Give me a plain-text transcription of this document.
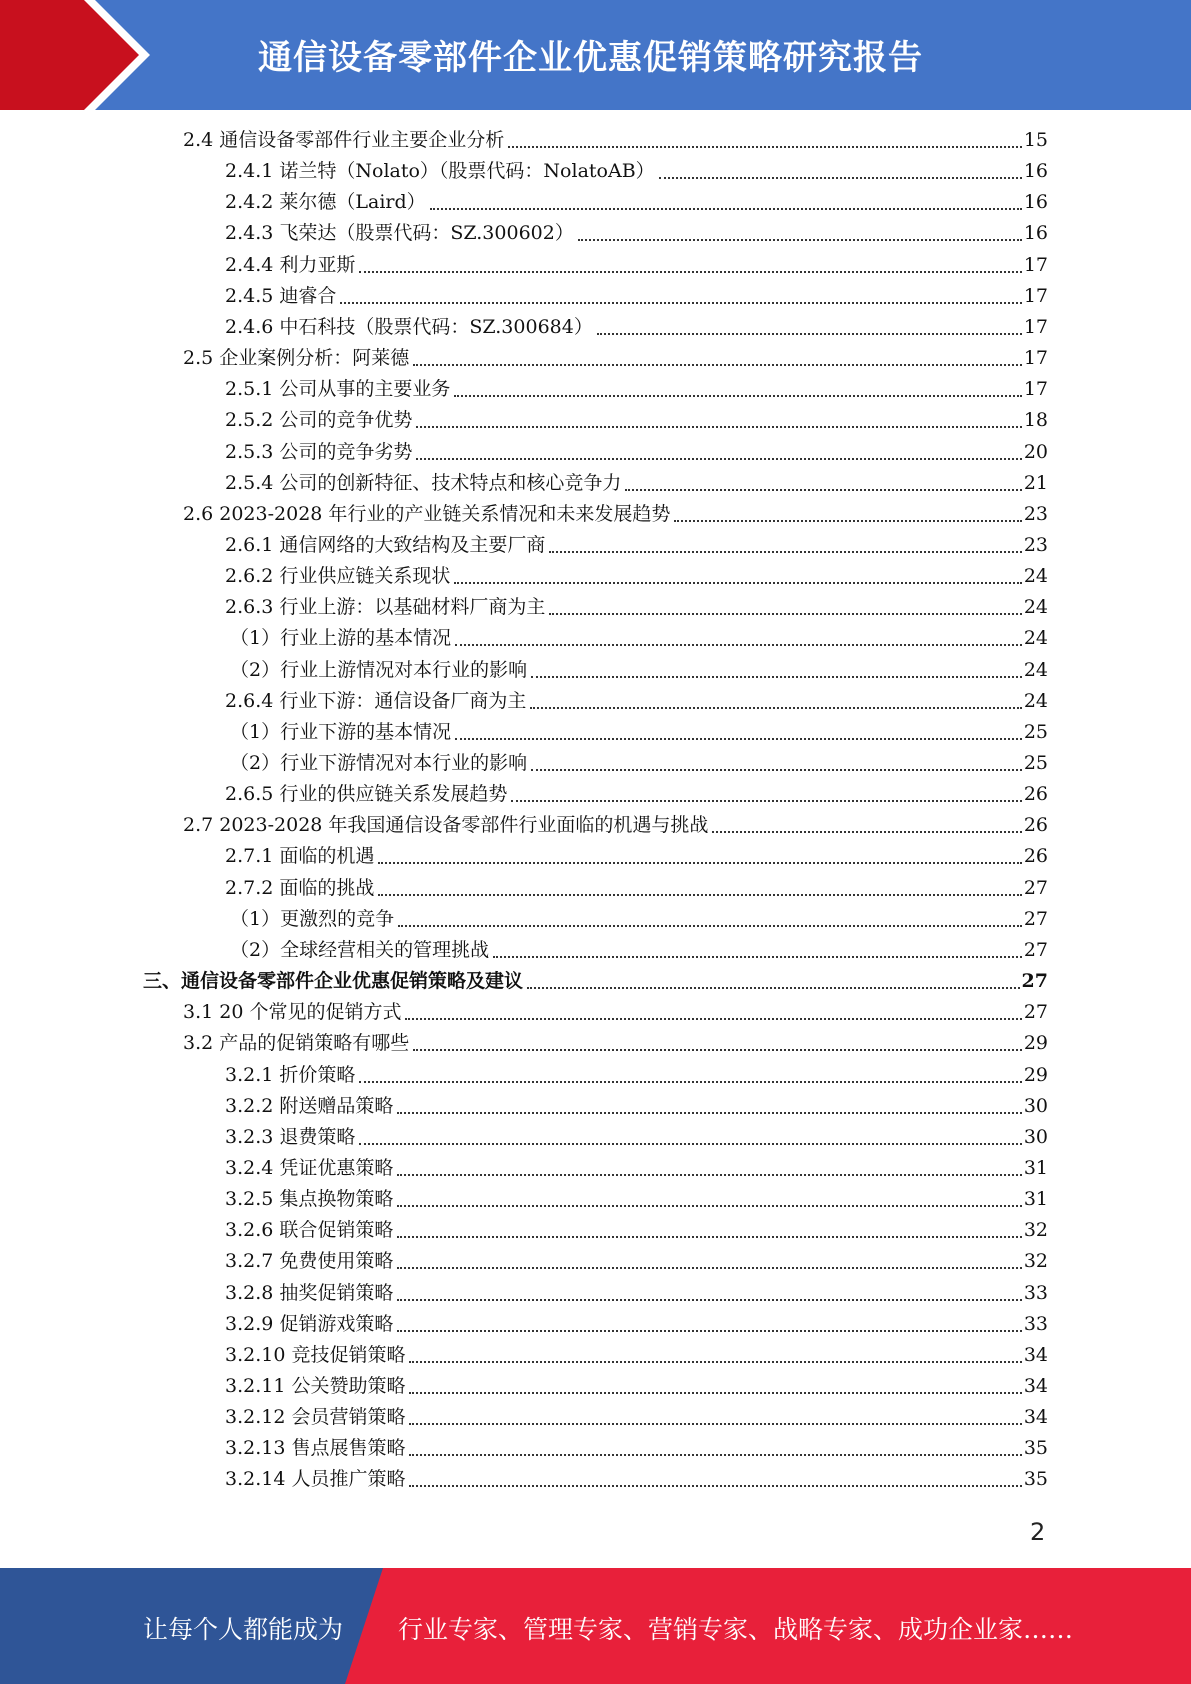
通信设备零部件企业优惠促销策略研究报告
2.4 通信设备零部件行业主要企业分析	15
2.4.1 诺兰特（Nolato）（股票代码：NolatoAB）	16
2.4.2 莱尔德（Laird）	16
2.4.3 飞荣达（股票代码：SZ.300602）	16
2.4.4 利力亚斯	17
2.4.5 迪睿合	17
2.4.6 中石科技（股票代码：SZ.300684）	17
2.5 企业案例分析：阿莱德	17
2.5.1 公司从事的主要业务	17
2.5.2 公司的竞争优势	18
2.5.3 公司的竞争劣势	20
2.5.4 公司的创新特征、技术特点和核心竞争力	21
2.6 2023-2028 年行业的产业链关系情况和未来发展趋势	23
2.6.1 通信网络的大致结构及主要厂商	23
2.6.2 行业供应链关系现状	24
2.6.3 行业上游：以基础材料厂商为主	24
（1）行业上游的基本情况	24
（2）行业上游情况对本行业的影响	24
2.6.4 行业下游：通信设备厂商为主	24
（1）行业下游的基本情况	25
（2）行业下游情况对本行业的影响	25
2.6.5 行业的供应链关系发展趋势	26
2.7 2023-2028 年我国通信设备零部件行业面临的机遇与挑战	26
2.7.1 面临的机遇	26
2.7.2 面临的挑战	27
（1）更激烈的竞争	27
（2）全球经营相关的管理挑战	27
三、通信设备零部件企业优惠促销策略及建议	27
3.1 20 个常见的促销方式	27
3.2 产品的促销策略有哪些	29
3.2.1 折价策略	29
3.2.2 附送赠品策略	30
3.2.3 退费策略	30
3.2.4 凭证优惠策略	31
3.2.5 集点换物策略	31
3.2.6 联合促销策略	32
3.2.7 免费使用策略	32
3.2.8 抽奖促销策略	33
3.2.9 促销游戏策略	33
3.2.10 竞技促销策略	34
3.2.11 公关赞助策略	34
3.2.12 会员营销策略	34
3.2.13 售点展售策略	35
3.2.14 人员推广策略	35
2
让每个人都能成为 行业专家、管理专家、营销专家、战略专家、成功企业家……
